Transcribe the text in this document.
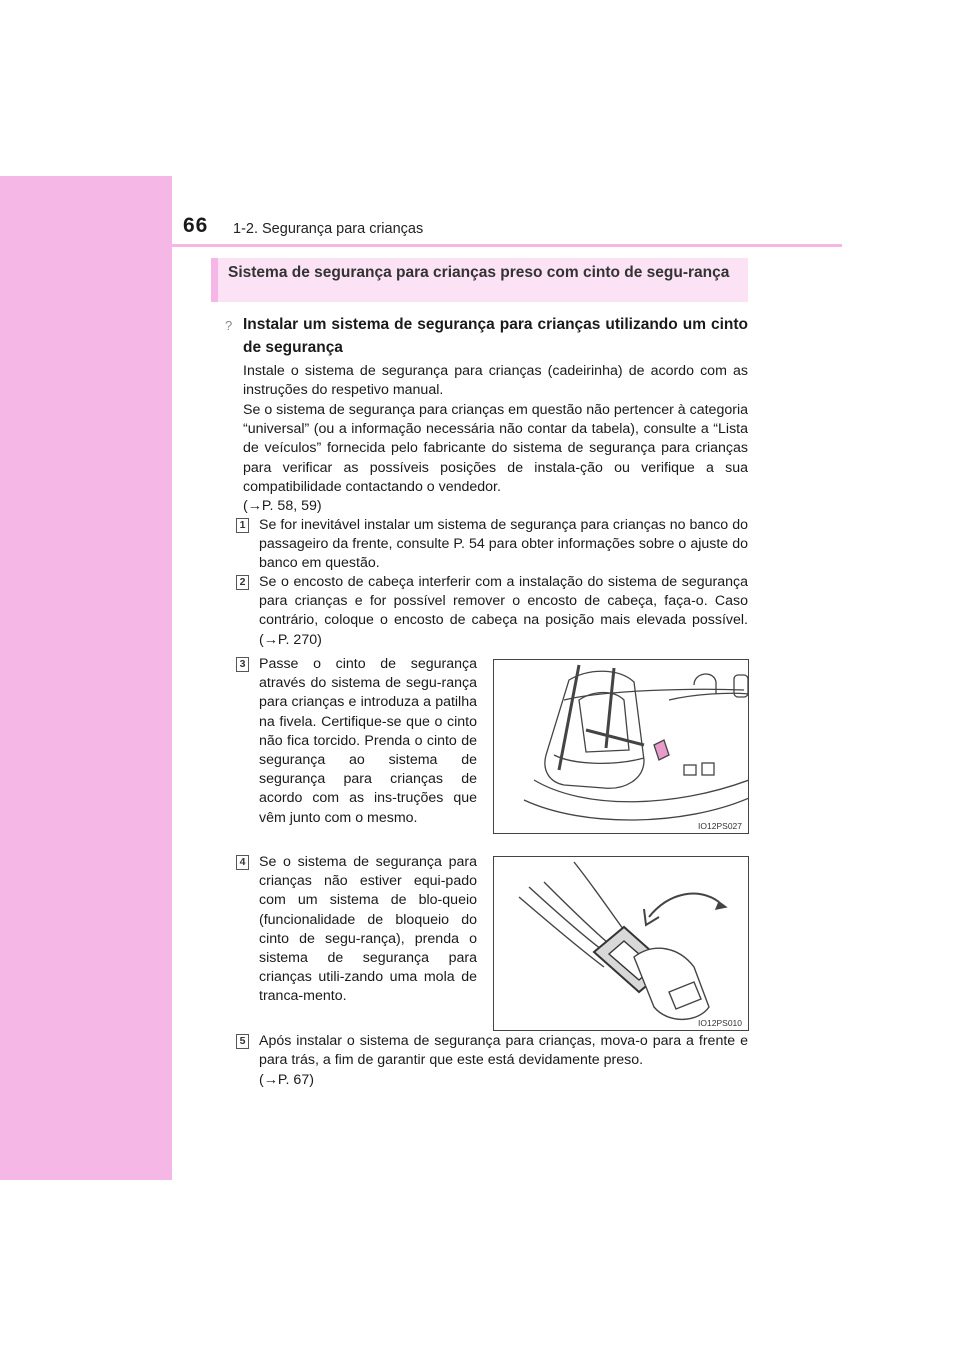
66 1-2. Segurança para crianças
Sistema de segurança para crianças preso com cinto de segu-rança
? Instalar um sistema de segurança para crianças utilizando um cinto de segurança
Instale o sistema de segurança para crianças (cadeirinha) de acordo com as instruções do respetivo manual.
Se o sistema de segurança para crianças em questão não pertencer à categoria “universal” (ou a informação necessária não contar da tabela), consulte a “Lista de veículos” fornecida pelo fabricante do sistema de segurança para crianças para verificar as possíveis posições de instala-ção ou verifique a sua compatibilidade contactando o vendedor.
(→P. 58, 59)
1 Se for inevitável instalar um sistema de segurança para crianças no banco do passageiro da frente, consulte P. 54 para obter informações sobre o ajuste do banco em questão.
2 Se o encosto de cabeça interferir com a instalação do sistema de segurança para crianças e for possível remover o encosto de cabeça, faça-o. Caso contrário, coloque o encosto de cabeça na posição mais elevada possível. (→P. 270)
3 Passe o cinto de segurança através do sistema de segu-rança para crianças e introduza a patilha na fivela. Certifique-se que o cinto não fica torcido. Prenda o cinto de segurança ao sistema de segurança para crianças de acordo com as ins-truções que vêm junto com o mesmo.
IO12PS027
4 Se o sistema de segurança para crianças não estiver equi-pado com um sistema de blo-queio (funcionalidade de bloqueio do cinto de segu-rança), prenda o sistema de segurança para crianças utili-zando uma mola de tranca-mento.
IO12PS010
5 Após instalar o sistema de segurança para crianças, mova-o para a frente e para trás, a fim de garantir que este está devidamente preso.
(→P. 67)
